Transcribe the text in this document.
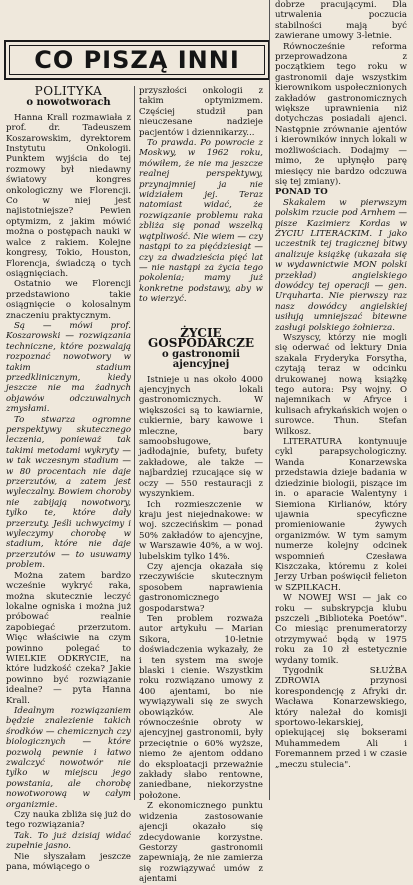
CO PISZĄ INNI
POLITYKA
o nowotworach

Hanna Krall rozmawiała z prof. dr. Tadeuszem Koszarowskim, dyrektorem Instytutu Onkologii. Punktem wyjścia do tej rozmowy był niedawny światowy kongres onkologiczny we Florencji. Co w niej jest najistotniejsze? Pewien optymizm, z jakim mówić można o postępach nauki w walce z rakiem. Kolejne kongresy, Tokio, Houston, Florencja, świadczą o tych osiągnięciach.

Ostatnio we Florencji przedstawiono takie osiągnięcie o kolosalnym znaczeniu praktycznym.

Są — mówi prof. Koszarowski — rozwiązania techniczne, które pozwalają rozpoznać nowotwory w takim stadium przedklinicznym, kiedy jeszcze nie ma żadnych objawów odczuwalnych zmysłami.

To stwarza ogromne perspektywy skutecznego leczenia, ponieważ tak takimi metodami wykryty — w tak wczesnym stadium — w 80 procentach nie daje przerzutów, a zatem jest wyleczalny. Bowiem choroby nie zabijają nowotwory, tylko te, które dały przerzuty. Jeśli uchwycimy i wyleczymy chorobę w stadium, które nie daje przerzutów — to usuwamy problem.

Można zatem bardzo wcześnie wykryć raka, można skutecznie leczyć lokalne ogniska i można już próbować realnie zapobiegać przerzutom. Więc właściwie na czym powinno polegać to WIELKIE ODKRYCIE, na które ludzkość czeka? Jakie powinno być rozwiązanie idealne? — pyta Hanna Krall.

Idealnym rozwiązaniem będzie znalezienie takich środków — chemicznych czy biologicznych — które pozwolą pewnie i łatwo zwalczyć nowotwór nie tylko w miejscu jego powstania, ale chorobę nowotworową w całym organizmie.

Czy nauka zbliża się już do tego rozwiązania?

Tak. To już dzisiaj widać zupełnie jasno.

Nie słyszałam jeszcze pana, mówiącego o

przyszłości onkologii z takim optymizmem. Częściej studził pan nieuczesane nadzieje pacjentów i dziennikarzy...

To prawda. Po powrocie z Moskwy, w 1962 roku, mówiłem, że nie ma jeszcze realnej perspektywy, przynajmniej ja nie widziałem jej. Teraz natomiast widać, że rozwiązanie problemu raka zbliża się ponad wszelką wątpliwość. Nie wiem — czy nastąpi to za pięćdziesiąt — czy za dwadzieścia pięć lat — nie nastąpi za życia tego pokolenia; mamy już konkretne podstawy, aby w to wierzyć.

ŻYCIE GOSPODARCZE
o gastronomii ajencyjnej

Istnieje u nas około 4000 ajencyjnych lokali gastronomicznych. W większości są to kawiarnie, cukiernie, bary kawowe i mleczne, bary samoobsługowe, jadłodajnie, bufety, bufety zakładowe, ale także — najbardziej rzucające się w oczy — 550 restauracji z wyszynkiem.

Ich rozmieszczenie w kraju jest niejednakowe: w woj. szczecińskim — ponad 50% zakładów to ajencyjne, w Warszawie 40%, a w woj. lubelskim tylko 14%.

Czy ajencja okazała się rzeczywiście skutecznym sposobem naprawienia gastronomicznego gospodarstwa?

Ten problem rozważa autor artykułu — Marian Sikora, 10-letnie doświadczenia wykazały, że i ten system ma swoje blaski i cienie. Wszystkim roku rozwiązano umowy z 400 ajentami, bo nie wywiązywali się ze swych obowiązków. Ale równocześnie obroty w ajencyjnej gastronomii, były przeciętnie o 60% wyższe, niemo że ajentom oddano do eksploatacji przeważnie zakłady słabo rentowne, zaniedbane, niekorzystne położone.

Z ekonomicznego punktu widzenia zastosowanie ajencji okazało się zdecydowanie korzystne. Gestorzy gastronomii zapewniają, że nie zamierza się rozwiązywać umów z ajentami

dobrze pracującymi. Dla utrwalenia poczucia stabilności mają być zawierane umowy 3-letnie.

Równocześnie reforma przeprowadzona z początkiem tego roku w gastronomii daje wszystkim kierownikom uspołecznionych zakładów gastronomicznych większe uprawnienia niż dotychczas posiadali ajenci. Następnie zrównanie ajentów i kierowników innych lokali w możliwościach. Dodajmy — mimo, że upłynęło parę miesięcy nie bardzo odczuwa się tej zmiany).

PONAD TO

Skakalem w pierwszym polskim rzucie pod Arnhem — pisze Kazimierz Kordas w ŻYCIU LITERACKIM. I jako uczestnik tej tragicznej bitwy analizuje książkę (ukazała się w wydawnictwie MON polski przekład) angielskiego dowódcy tej operacji — gen. Urquharta. Nie pierwszy raz nasz dowódcy angielskiej usiłują umniejszać bitewne zasługi polskiego żołnierza.

Wszyscy, którzy nie mogli się oderwać od lektury Dnia szakala Fryderyka Forsytha, czytają teraz w odcinku drukowanej nową książkę tego autora: Psy wojny. O najemnikach w Afryce i kulisach afrykańskich wojen o surowce. Thun. Stefan Wilkosz.

LITERATURA kontynuuje cykl parapsychologiczny. Wanda Konarzewska przedstawia dzieje badania w dziedzinie biologii, piszące im in. o aparacie Walentyny i Siemiona Kirlianów, który ujawnia specyficzne promieniowanie żywych organizmów. W tym samym numerze kolejny odcinek wspomnień Czesława Kiszczaka, któremu z kolei Jerzy Urban poświęcił felieton w SZPILKACH.

W NOWEJ WSI — jak co roku — subskrypcja klubu pszczeli „Biblioteka Poetów". Co miesiąc prenumeratorzy otrzymywać będą w 1975 roku za 10 zł estetycznie wydany tomik.

Tygodnik SŁUŻBA ZDROWIA przynosi korespondencję z Afryki dr. Wacława Konarzewskiego, który należał do komisji sportowo-lekarskiej, opiekującej się bokserami Muhammedem Ali i Foremannem przed i w czasie „meczu stulecia".
